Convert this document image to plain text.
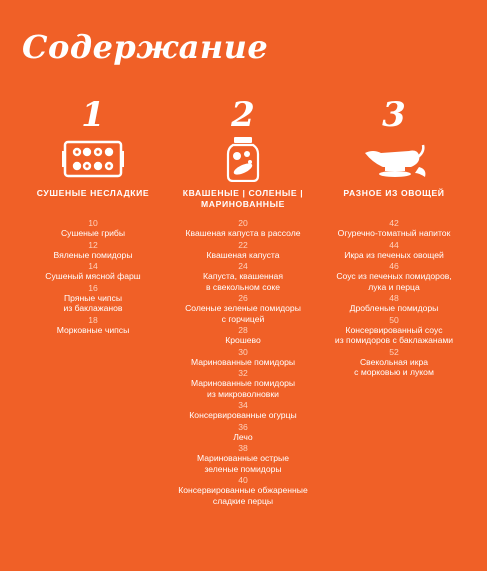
Содержание
1
СУШЕНЫЕ НЕСЛАДКИЕ
10
Сушеные грибы
12
Вяленые помидоры
14
Сушеный мясной фарш
16
Пряные чипсы
из баклажанов
18
Морковные чипсы
2
КВАШЕНЫЕ | СОЛЕНЫЕ |
МАРИНОВАННЫЕ
20
Квашеная капуста в рассоле
22
Квашеная капуста
24
Капуста, квашенная
в свекольном соке
26
Соленые зеленые помидоры
с горчицей
28
Крошево
30
Маринованные помидоры
32
Маринованные помидоры
из микроволновки
34
Консервированные огурцы
36
Лечо
38
Маринованные острые
зеленые помидоры
40
Консервированные обжаренные
сладкие перцы
3
РАЗНОЕ ИЗ ОВОЩЕЙ
42
Огуречно-томатный напиток
44
Икра из печеных овощей
46
Соус из печеных помидоров,
лука и перца
48
Дробленые помидоры
50
Консервированный соус
из помидоров с баклажанами
52
Свекольная икра
с морковью и луком
